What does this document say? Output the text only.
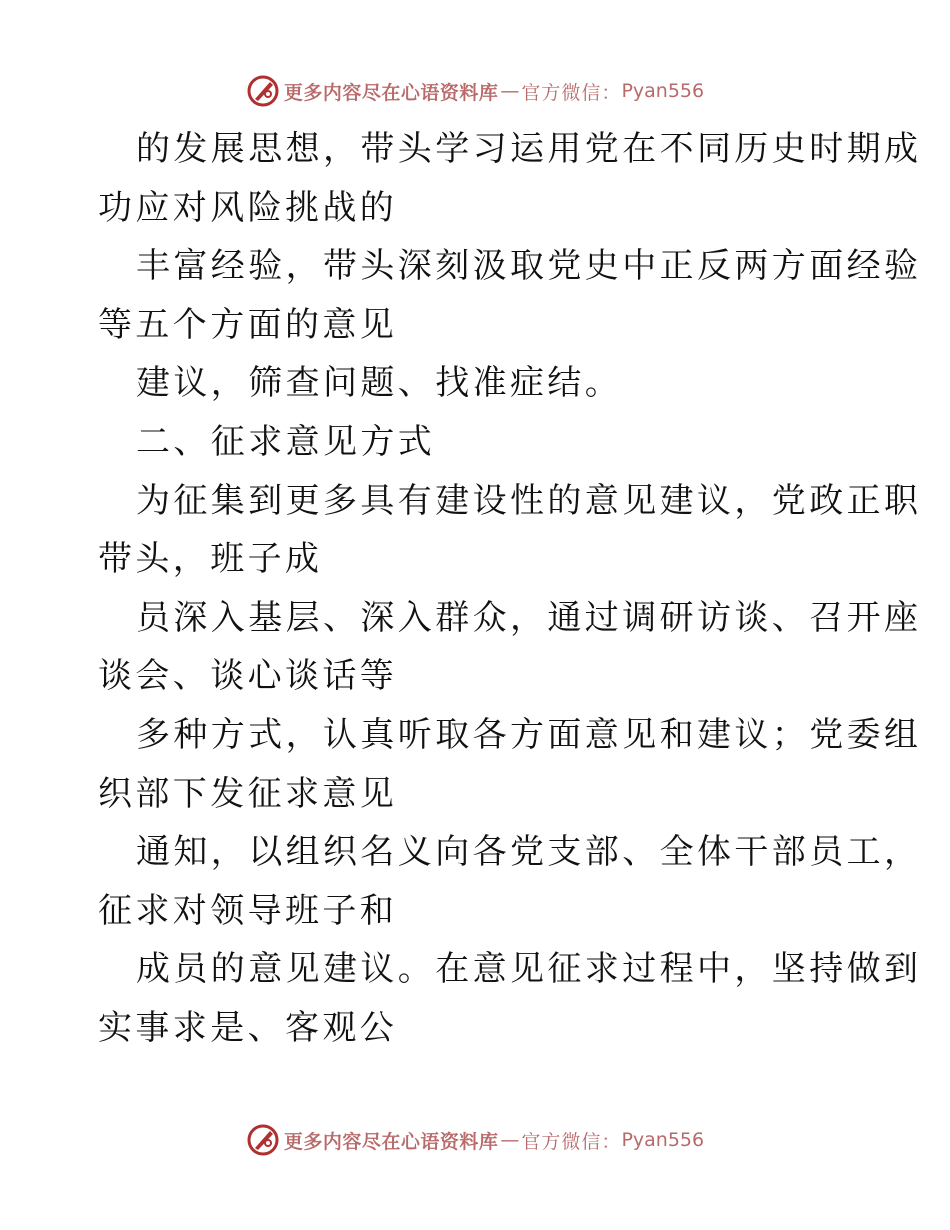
更多内容尽在心语资料库 — 官方微信： Pyan556
的发展思想，带头学习运用党在不同历史时期成
功应对风险挑战的
丰富经验，带头深刻汲取党史中正反两方面经验
等五个方面的意见
建议，筛查问题、找准症结。
二、征求意见方式
为征集到更多具有建设性的意见建议，党政正职
带头，班子成
员深入基层、深入群众，通过调研访谈、召开座
谈会、谈心谈话等
多种方式，认真听取各方面意见和建议；党委组
织部下发征求意见
通知，以组织名义向各党支部、全体干部员工，
征求对领导班子和
成员的意见建议。在意见征求过程中，坚持做到
实事求是、客观公
更多内容尽在心语资料库 — 官方微信： Pyan556
